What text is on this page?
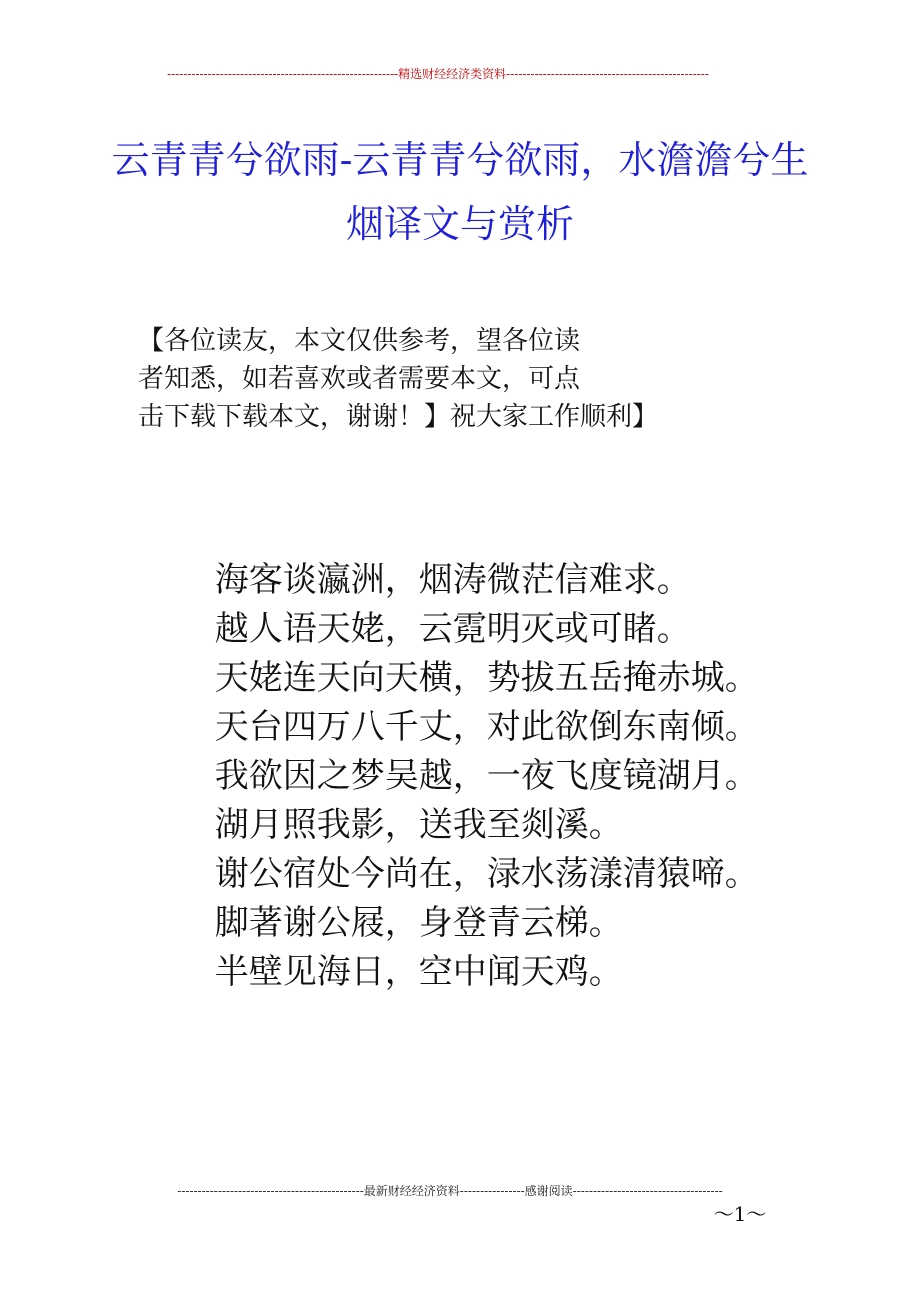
---------------------------------------------------------精选财经经济类资料--------------------------------------------------
云青青兮欲雨-云青青兮欲雨，水澹澹兮生烟译文与赏析
【各位读友，本文仅供参考，望各位读
者知悉，如若喜欢或者需要本文，可点
击下载下载本文，谢谢！】祝大家工作顺利】

海客谈瀛洲，烟涛微茫信难求。

越人语天姥，云霓明灭或可睹。

天姥连天向天横，势拔五岳掩赤城。

天台四万八千丈，对此欲倒东南倾。

我欲因之梦吴越，一夜飞度镜湖月。

湖月照我影，送我至剡溪。

谢公宿处今尚在，渌水荡漾清猿啼。

脚著谢公屐，身登青云梯。

半壁见海日，空中闻天鸡。

----------------------------------------------最新财经经济资料----------------感谢阅读-------------------------------------
～1～
